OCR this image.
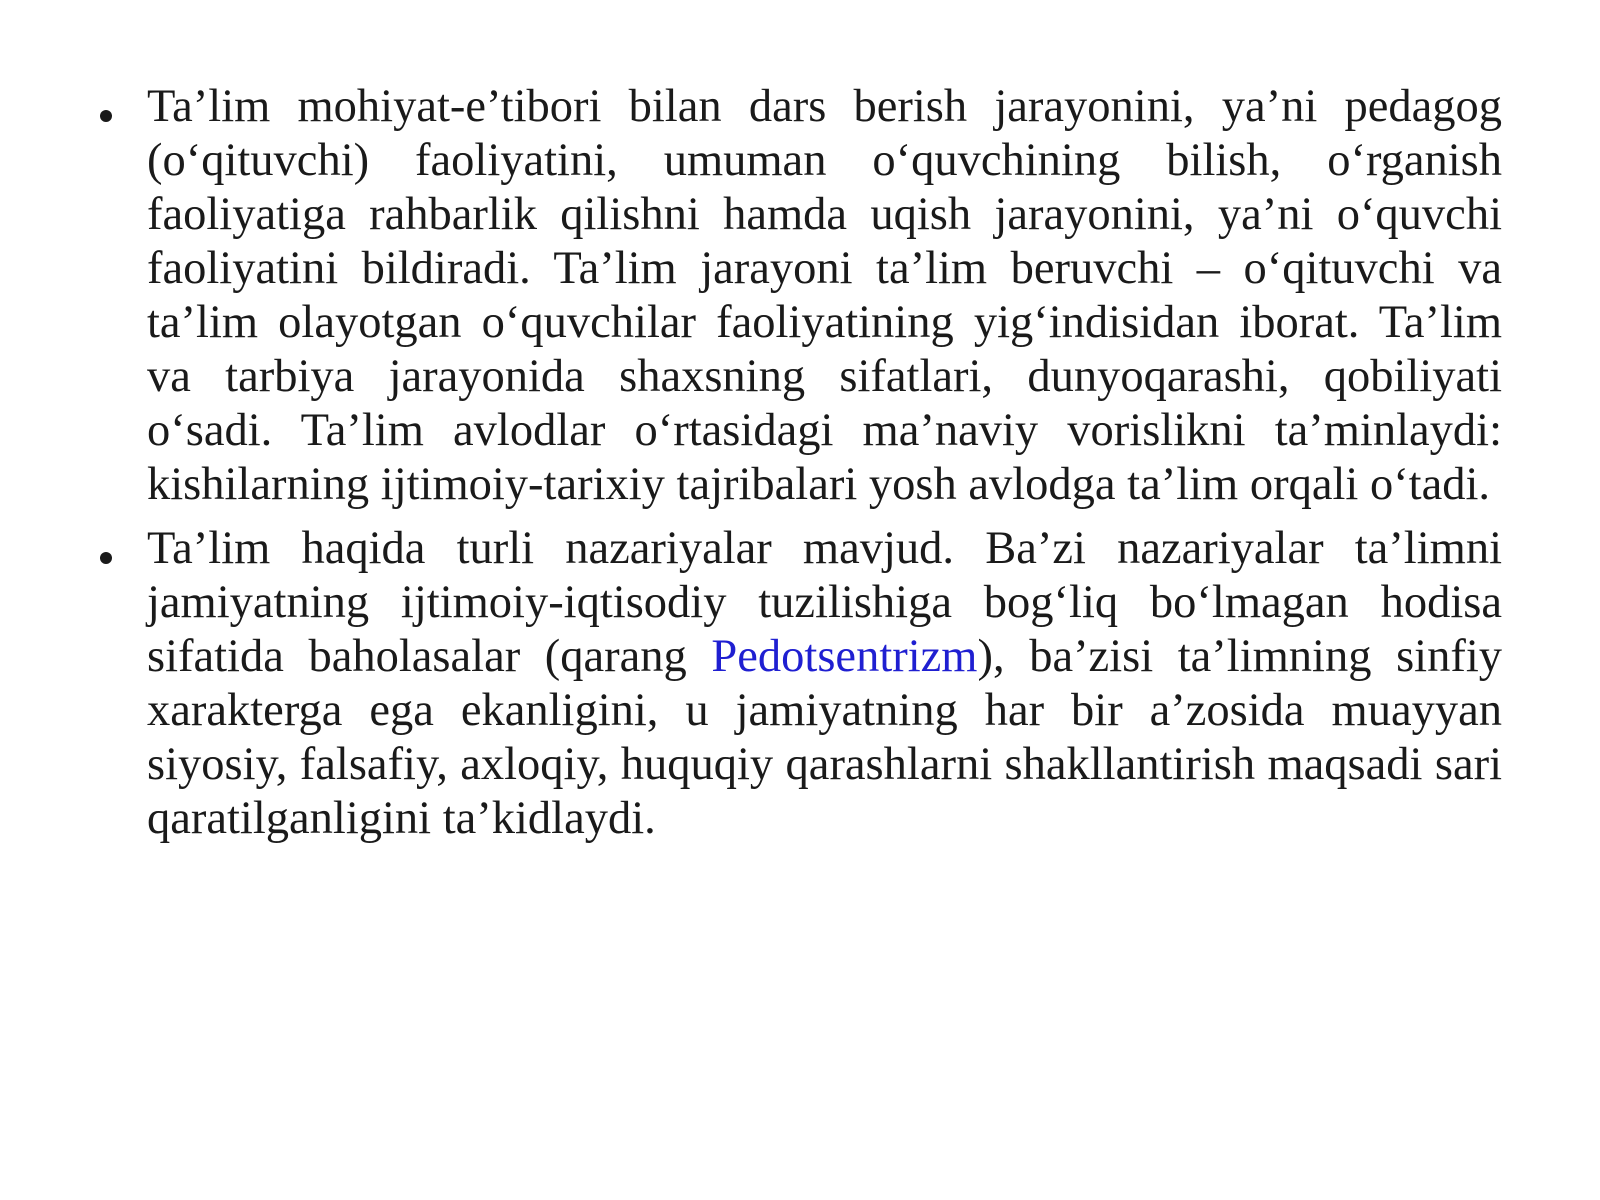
Ta’lim mohiyat-e’tibori bilan dars berish jarayonini, ya’ni pedagog (o‘qituvchi) faoliyatini, umuman o‘quvchining bilish, o‘rganish faoliyatiga rahbarlik qilishni hamda uqish jarayonini, ya’ni o‘quvchi faoliyatini bildiradi. Ta’lim jarayoni ta’lim beruvchi – o‘qituvchi va ta’lim olayotgan o‘quvchilar faoliyatining yig‘indisidan iborat. Ta’lim va tarbiya jarayonida shaxsning sifatlari, dunyoqarashi, qobiliyati o‘sadi. Ta’lim avlodlar o‘rtasidagi ma’naviy vorislikni ta’minlaydi: kishilarning ijtimoiy-tarixiy tajribalari yosh avlodga ta’lim orqali o‘tadi.
Ta’lim haqida turli nazariyalar mavjud. Ba’zi nazariyalar ta’limni jamiyatning ijtimoiy-iqtisodiy tuzilishiga bog‘liq bo‘lmagan hodisa sifatida baholasalar (qarang Pedotsentrizm), ba’zisi ta’limning sinfiy xarakterga ega ekanligini, u jamiyatning har bir a’zosida muayyan siyosiy, falsafiy, axloqiy, huquqiy qarashlarni shakllantirish maqsadi sari qaratilganligini ta’kidlaydi.
